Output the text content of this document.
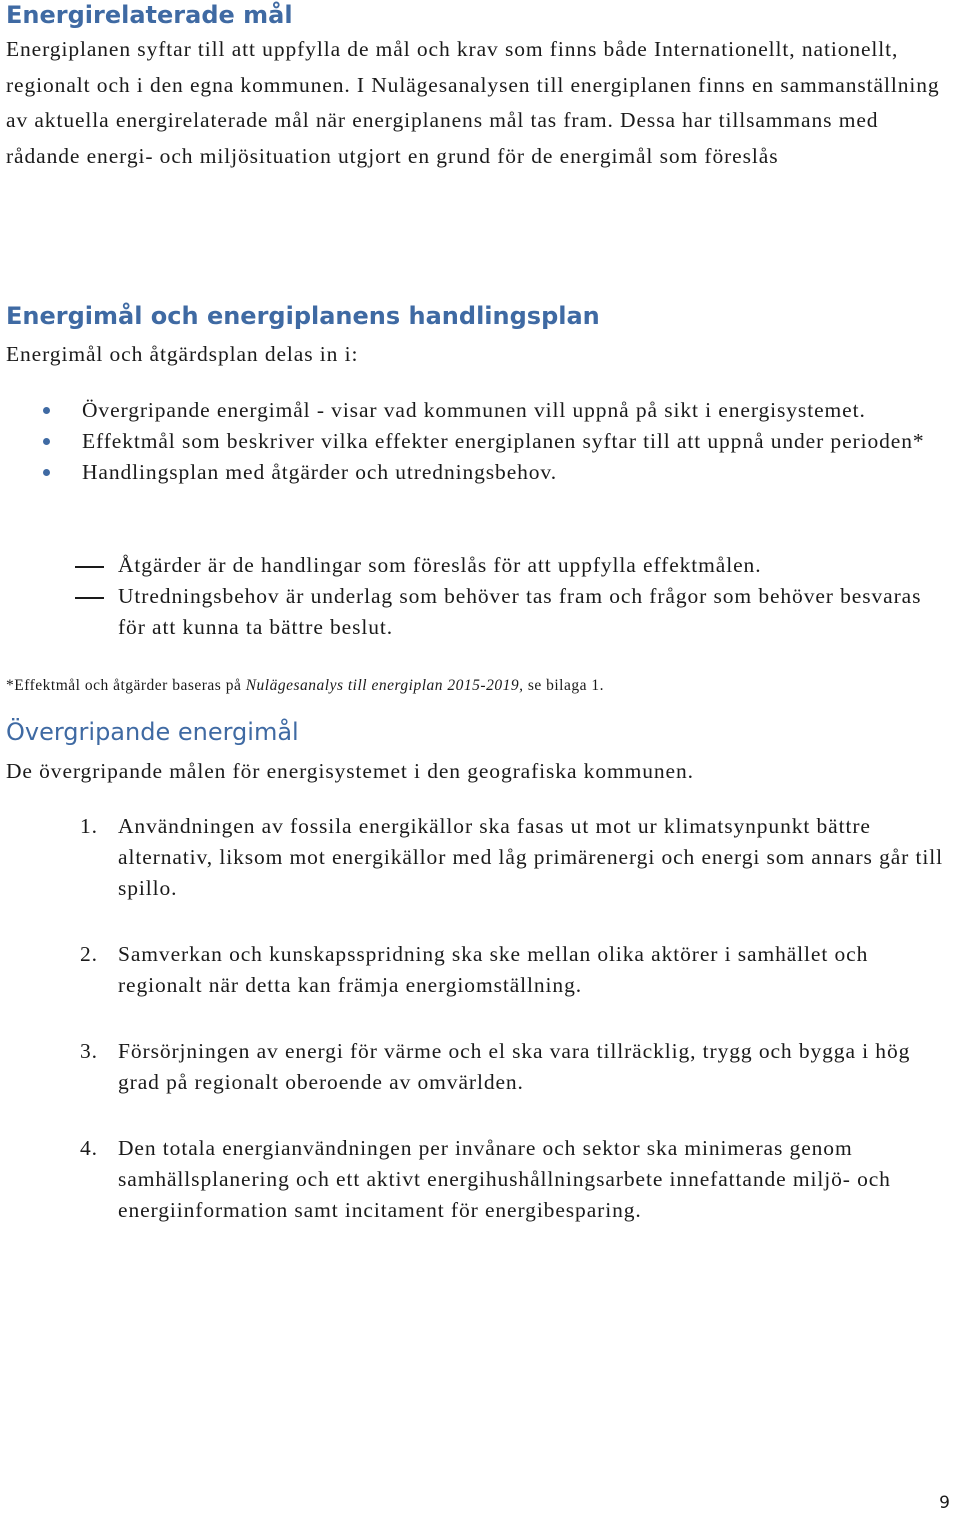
Energirelaterade mål

Energiplanen syftar till att uppfylla de mål och krav som finns både Internationellt, nationellt, regionalt och i den egna kommunen. I Nulägesanalysen till energiplanen finns en sammanställning av aktuella energirelaterade mål när energiplanens mål tas fram. Dessa har tillsammans med rådande energi- och miljösituation utgjort en grund för de energimål som föreslås

Energimål och energiplanens handlingsplan

Energimål och åtgärdsplan delas in i:

Övergripande energimål - visar vad kommunen vill uppnå på sikt i energisystemet.
Effektmål som beskriver vilka effekter energiplanen syftar till att uppnå under perioden*
Handlingsplan med åtgärder och utredningsbehov.
Åtgärder är de handlingar som föreslås för att uppfylla effektmålen.
Utredningsbehov är underlag som behöver tas fram och frågor som behöver besvaras för att kunna ta bättre beslut.

*Effektmål och åtgärder baseras på Nulägesanalys till energiplan 2015-2019, se bilaga 1.

Övergripande energimål

De övergripande målen för energisystemet i den geografiska kommunen.

1. Användningen av fossila energikällor ska fasas ut mot ur klimatsynpunkt bättre alternativ, liksom mot energikällor med låg primärenergi och energi som annars går till spillo.
2. Samverkan och kunskapsspridning ska ske mellan olika aktörer i samhället och regionalt när detta kan främja energiomställning.
3. Försörjningen av energi för värme och el ska vara tillräcklig, trygg och bygga i hög grad på regionalt oberoende av omvärlden.
4. Den totala energianvändningen per invånare och sektor ska minimeras genom samhällsplanering och ett aktivt energihushållningsarbete innefattande miljö- och energiinformation samt incitament för energibesparing.
9
